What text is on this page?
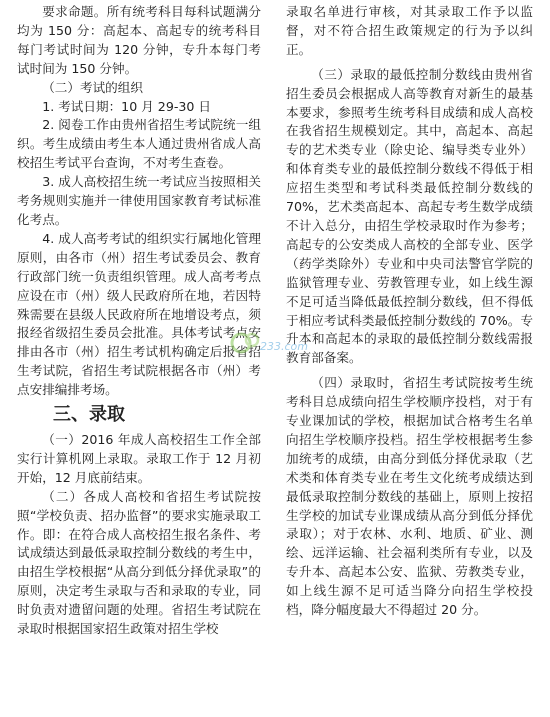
要求命题。所有统考科目每科试题满分均为 150 分：高起本、高起专的统考科目每门考试时间为 120 分钟，专升本每门考试时间为 150 分钟。

（二）考试的组织

1. 考试日期：10 月 29-30 日

2. 阅卷工作由贵州省招生考试院统一组织。考生成绩由考生本人通过贵州省成人高校招生考试平台查询，不对考生查卷。

3. 成人高校招生统一考试应当按照相关考务规则实施并一律使用国家教育考试标准化考点。

4. 成人高考考试的组织实行属地化管理原则，由各市（州）招生考试委员会、教育行政部门统一负责组织管理。成人高考考点应设在市（州）级人民政府所在地，若因特殊需要在县级人民政府所在地增设考点，须报经省级招生委员会批准。具体考试考点安排由各市（州）招生考试机构确定后报省招生考试院，省招生考试院根据各市（州）考点安排编排考场。

三、录取

（一）2016 年成人高校招生工作全部实行计算机网上录取。录取工作于 12 月初开始，12 月底前结束。

（二）各成人高校和省招生考试院按照“学校负责、招办监督”的要求实施录取工作。即：在符合成人高校招生报名条件、考试成绩达到最低录取控制分数线的考生中，由招生学校根据“从高分到低分择优录取”的原则，决定考生录取与否和录取的专业，同时负责对遗留问题的处理。省招生考试院在录取时根据国家招生政策对招生学校

录取名单进行审核，对其录取工作予以监督，对不符合招生政策规定的行为予以纠正。

（三）录取的最低控制分数线由贵州省招生委员会根据成人高等教育对新生的最基本要求，参照考生统考科目成绩和成人高校在我省招生规模划定。其中，高起本、高起专的艺术类专业（除史论、编导类专业外）和体育类专业的最低控制分数线不得低于相应招生类型和考试科类最低控制分数线的 70%，艺术类高起本、高起专考生数学成绩不计入总分，由招生学校录取时作为参考；高起专的公安类成人高校的全部专业、医学（药学类除外）专业和中央司法警官学院的监狱管理专业、劳教管理专业，如上线生源不足可适当降低最低控制分数线，但不得低于相应考试科类最低控制分数线的 70%。专升本和高起本的录取的最低控制分数线需报教育部备案。

（四）录取时，省招生考试院按考生统考科目总成绩向招生学校顺序投档，对于有专业课加试的学校，根据加试合格考生名单向招生学校顺序投档。招生学校根据考生参加统考的成绩，由高分到低分择优录取（艺术类和体育类专业在考生文化统考成绩达到最低录取控制分数线的基础上，原则上按招生学校的加试专业课成绩从高分到低分择优录取）；对于农林、水利、地质、矿业、测绘、远洋运输、社会福利类所有专业，以及专升本、高起本公安、监狱、劳教类专业，如上线生源不足可适当降分向招生学校投档，降分幅度最大不得超过 20 分。

233.com
